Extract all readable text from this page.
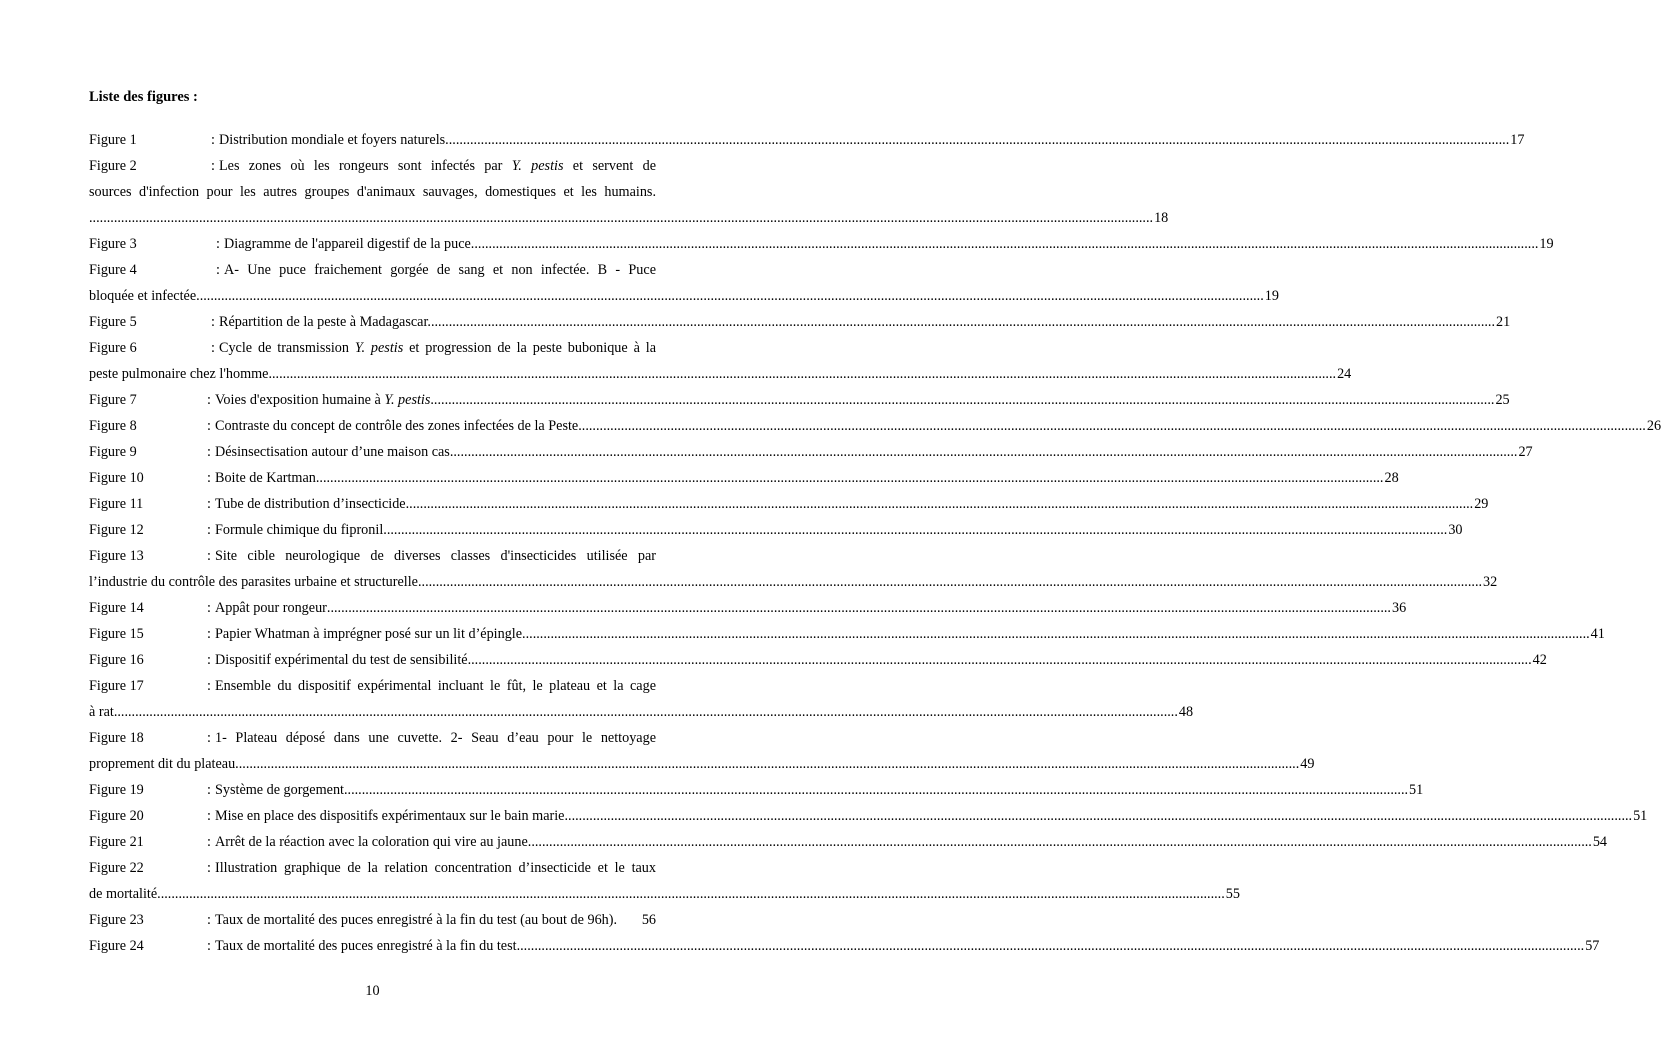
Liste des figures :
Figure 1	: Distribution mondiale et foyers naturels ............................................................................................................................................................................................................................................................................................................ 17
Figure 2	: Les zones où les rongeurs sont infectés par Y. pestis et servent de
sources d'infection pour les autres groupes d'animaux sauvages, domestiques et les humains.
............................................................................................................................................................................................................................................................................................................ 18
Figure 3	: Diagramme de l'appareil digestif de la puce. ............................................................................................................................................................................................................................................................................................................ 19
Figure 4	: A- Une puce fraichement gorgée de sang et non infectée. B - Puce
bloquée et infectée. ............................................................................................................................................................................................................................................................................................................ 19
Figure 5	: Répartition de la peste à Madagascar. ............................................................................................................................................................................................................................................................................................................ 21
Figure 6	: Cycle de transmission Y. pestis et progression de la peste bubonique à la
peste pulmonaire chez l'homme. ............................................................................................................................................................................................................................................................................................................ 24
Figure 7	: Voies d'exposition humaine à Y. pestis ............................................................................................................................................................................................................................................................................................................ 25
Figure 8	: Contraste du concept de contrôle des zones infectées de la Peste. ............................................................................................................................................................................................................................................................................................................ 26
Figure 9	: Désinsectisation autour d’une maison cas. ............................................................................................................................................................................................................................................................................................................ 27
Figure 10	: Boite de Kartman. ............................................................................................................................................................................................................................................................................................................ 28
Figure 11	: Tube de distribution d’insecticide. ............................................................................................................................................................................................................................................................................................................ 29
Figure 12	: Formule chimique du fipronil ............................................................................................................................................................................................................................................................................................................ 30
Figure 13	: Site cible neurologique de diverses classes d'insecticides utilisée par
l’industrie du contrôle des parasites urbaine et structurelle ............................................................................................................................................................................................................................................................................................................ 32
Figure 14	: Appât pour rongeur ............................................................................................................................................................................................................................................................................................................ 36
Figure 15	: Papier Whatman à imprégner posé sur un lit d’épingle. ............................................................................................................................................................................................................................................................................................................ 41
Figure 16	: Dispositif expérimental du test de sensibilité ............................................................................................................................................................................................................................................................................................................ 42
Figure 17	: Ensemble du dispositif expérimental incluant le fût, le plateau et la cage
à rat ............................................................................................................................................................................................................................................................................................................ 48
Figure 18	: 1- Plateau déposé dans une cuvette. 2- Seau d’eau pour le nettoyage
proprement dit du plateau ............................................................................................................................................................................................................................................................................................................ 49
Figure 19	: Système de gorgement ............................................................................................................................................................................................................................................................................................................ 51
Figure 20	: Mise en place des dispositifs expérimentaux sur le bain marie. ............................................................................................................................................................................................................................................................................................................ 51
Figure 21	: Arrêt de la réaction avec la coloration qui vire au jaune ............................................................................................................................................................................................................................................................................................................ 54
Figure 22	: Illustration graphique de la relation concentration d’insecticide et le taux
de mortalité. ............................................................................................................................................................................................................................................................................................................ 55
Figure 23	: Taux de mortalité des puces enregistré à la fin du test (au bout de 96h). 56
Figure 24	: Taux de mortalité des puces enregistré à la fin du test. ............................................................................................................................................................................................................................................................................................................ 57
10
